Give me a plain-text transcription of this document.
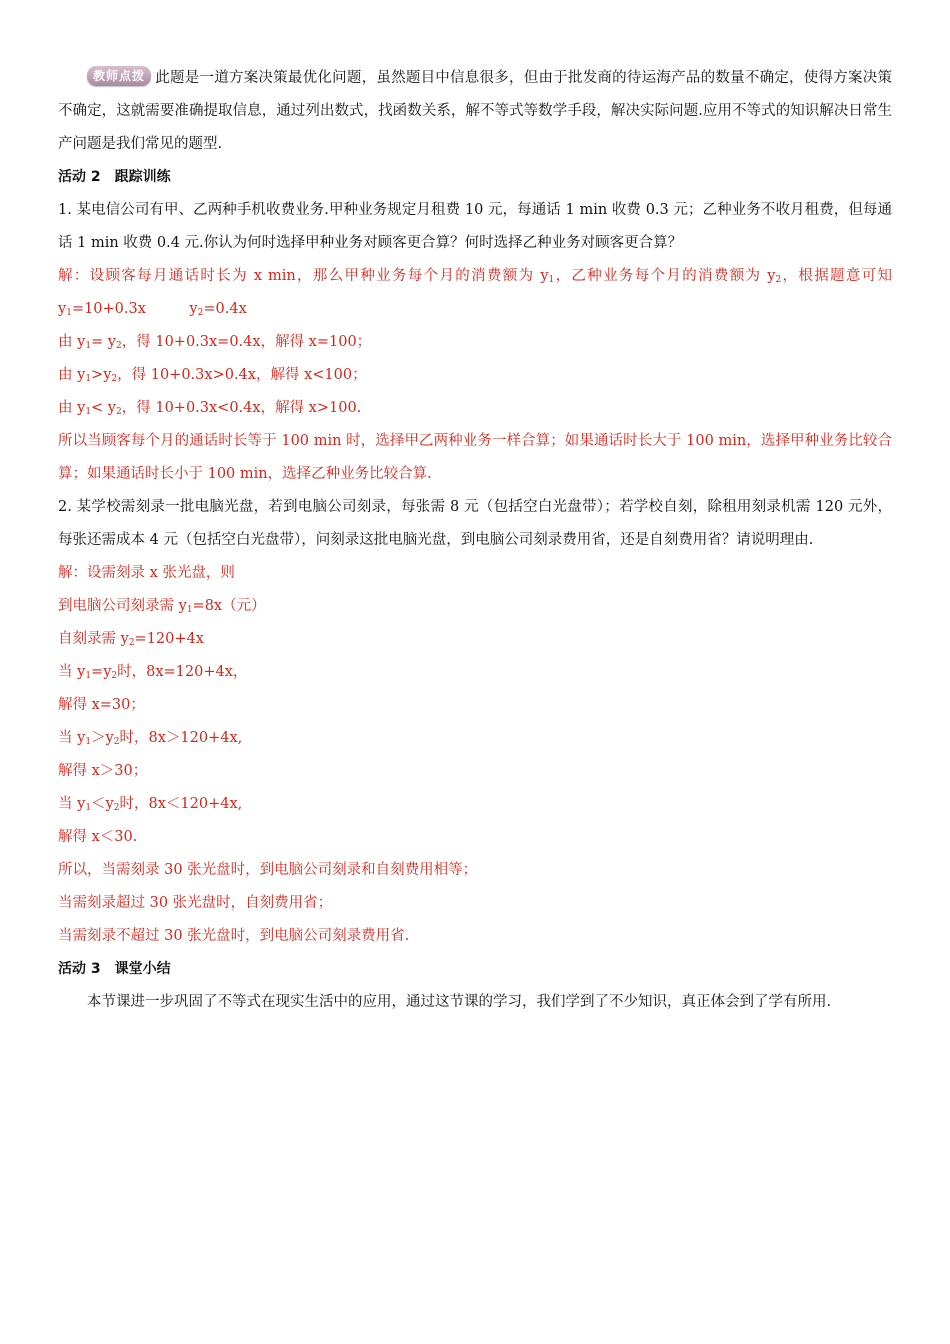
教师点拨 此题是一道方案决策最优化问题，虽然题目中信息很多，但由于批发商的待运海产品的数量不确定，使得方案决策不确定，这就需要准确提取信息，通过列出数式，找函数关系，解不等式等数学手段，解决实际问题.应用不等式的知识解决日常生产问题是我们常见的题型.

活动 2　跟踪训练

1. 某电信公司有甲、乙两种手机收费业务.甲种业务规定月租费 10 元，每通话 1 min 收费 0.3 元；乙种业务不收月租费，但每通话 1 min 收费 0.4 元.你认为何时选择甲种业务对顾客更合算？何时选择乙种业务对顾客更合算？

解：设顾客每月通话时长为 x min，那么甲种业务每个月的消费额为 $y_1$，乙种业务每个月的消费额为 $y_2$，根据题意可知 $y_1=10+0.3x$　　　$y_2=0.4x$

由 $y_1= y_2$，得 10+0.3x=0.4x，解得 x=100；

由 $y_1>y_2$，得 10+0.3x>0.4x，解得 x<100；

由 $y_1< y_2$，得 10+0.3x<0.4x，解得 x>100.

所以当顾客每个月的通话时长等于 100 min 时，选择甲乙两种业务一样合算；如果通话时长大于 100 min，选择甲种业务比较合算；如果通话时长小于 100 min，选择乙种业务比较合算.

2. 某学校需刻录一批电脑光盘，若到电脑公司刻录，每张需 8 元（包括空白光盘带）；若学校自刻，除租用刻录机需 120 元外，每张还需成本 4 元（包括空白光盘带），问刻录这批电脑光盘，到电脑公司刻录费用省，还是自刻费用省？请说明理由.

解：设需刻录 x 张光盘，则

到电脑公司刻录需 $y_1=8x$（元）

自刻录需 $y_2=120+4x$

当 $y_1=y_2$时，8x=120+4x，

解得 x=30；

当 $y_1>y_2$时，8x＞120+4x,

解得 x＞30；

当 $y_1<y_2$时，8x＜120+4x,

解得 x＜30.

所以，当需刻录 30 张光盘时，到电脑公司刻录和自刻费用相等；

当需刻录超过 30 张光盘时，自刻费用省；

当需刻录不超过 30 张光盘时，到电脑公司刻录费用省.

活动 3　课堂小结

本节课进一步巩固了不等式在现实生活中的应用，通过这节课的学习，我们学到了不少知识，真正体会到了学有所用.
